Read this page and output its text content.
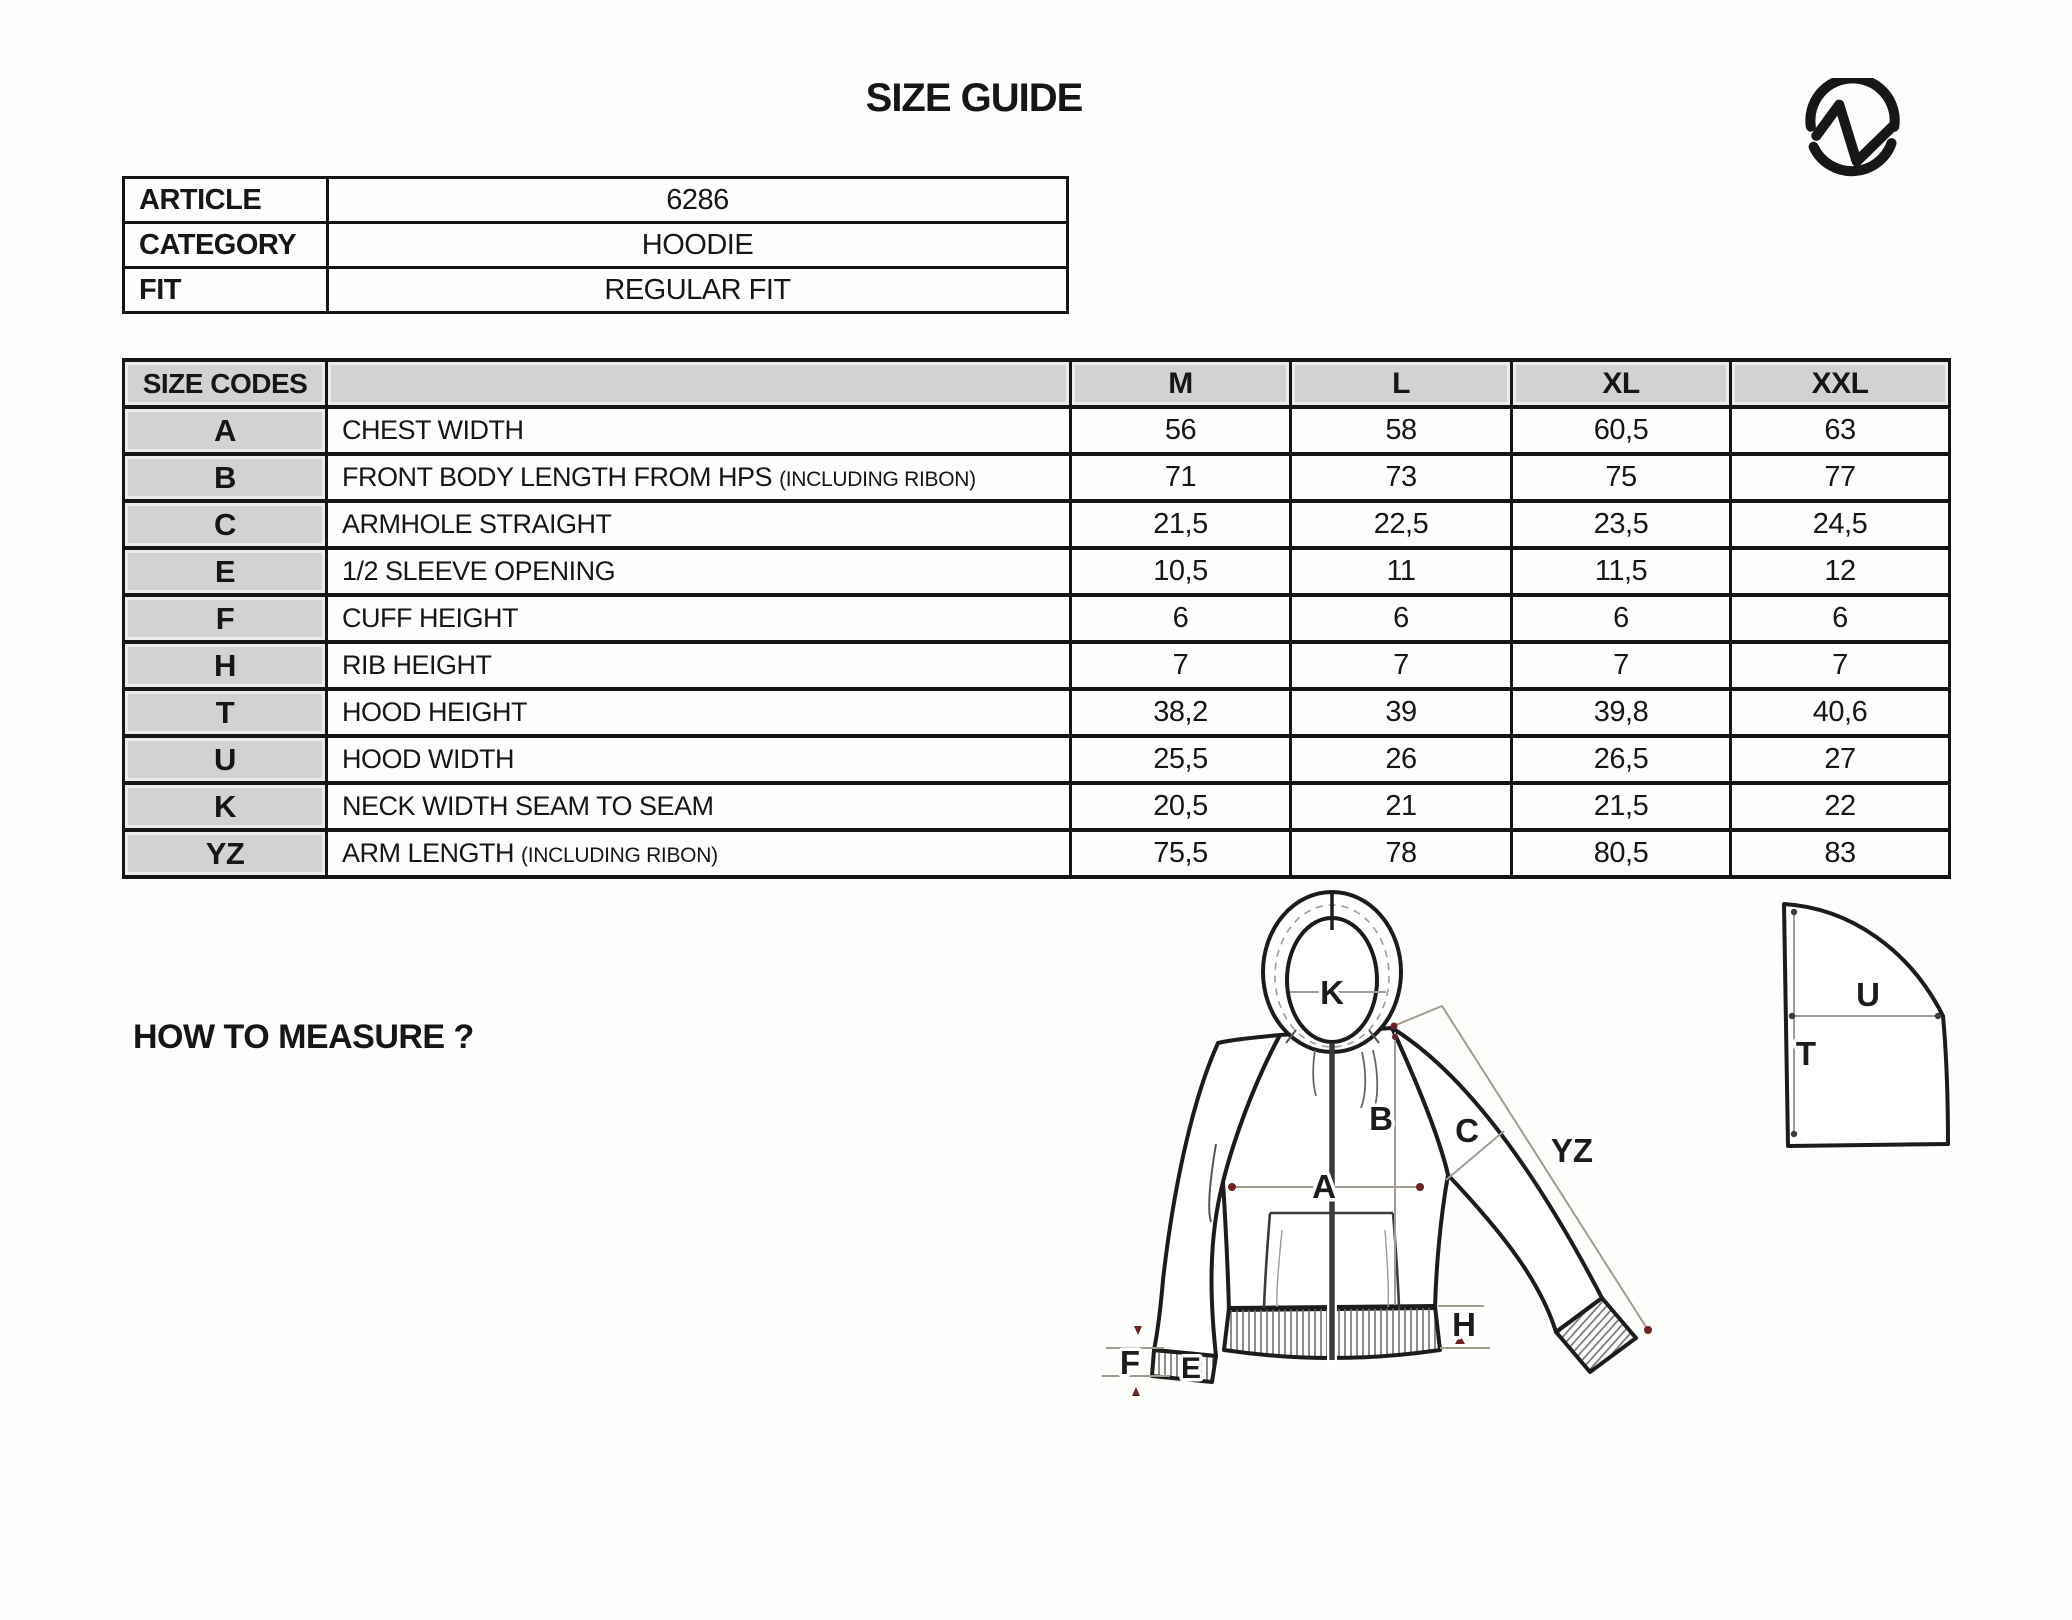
SIZE GUIDE
ARTICLE	6286
CATEGORY	HOODIE
FIT	REGULAR FIT
SIZE CODES		M	L	XL	XXL
A	CHEST WIDTH	56	58	60,5	63
B	FRONT BODY LENGTH FROM HPS (INCLUDING RIBON)	71	73	75	77
C	ARMHOLE STRAIGHT	21,5	22,5	23,5	24,5
E	1/2 SLEEVE OPENING	10,5	11	11,5	12
F	CUFF HEIGHT	6	6	6	6
H	RIB HEIGHT	7	7	7	7
T	HOOD HEIGHT	38,2	39	39,8	40,6
U	HOOD WIDTH	25,5	26	26,5	27
K	NECK WIDTH SEAM TO SEAM	20,5	21	21,5	22
YZ	ARM LENGTH (INCLUDING RIBON)	75,5	78	80,5	83
HOW TO MEASURE ?
K
B
A
C
YZ
H
F E
U
T
